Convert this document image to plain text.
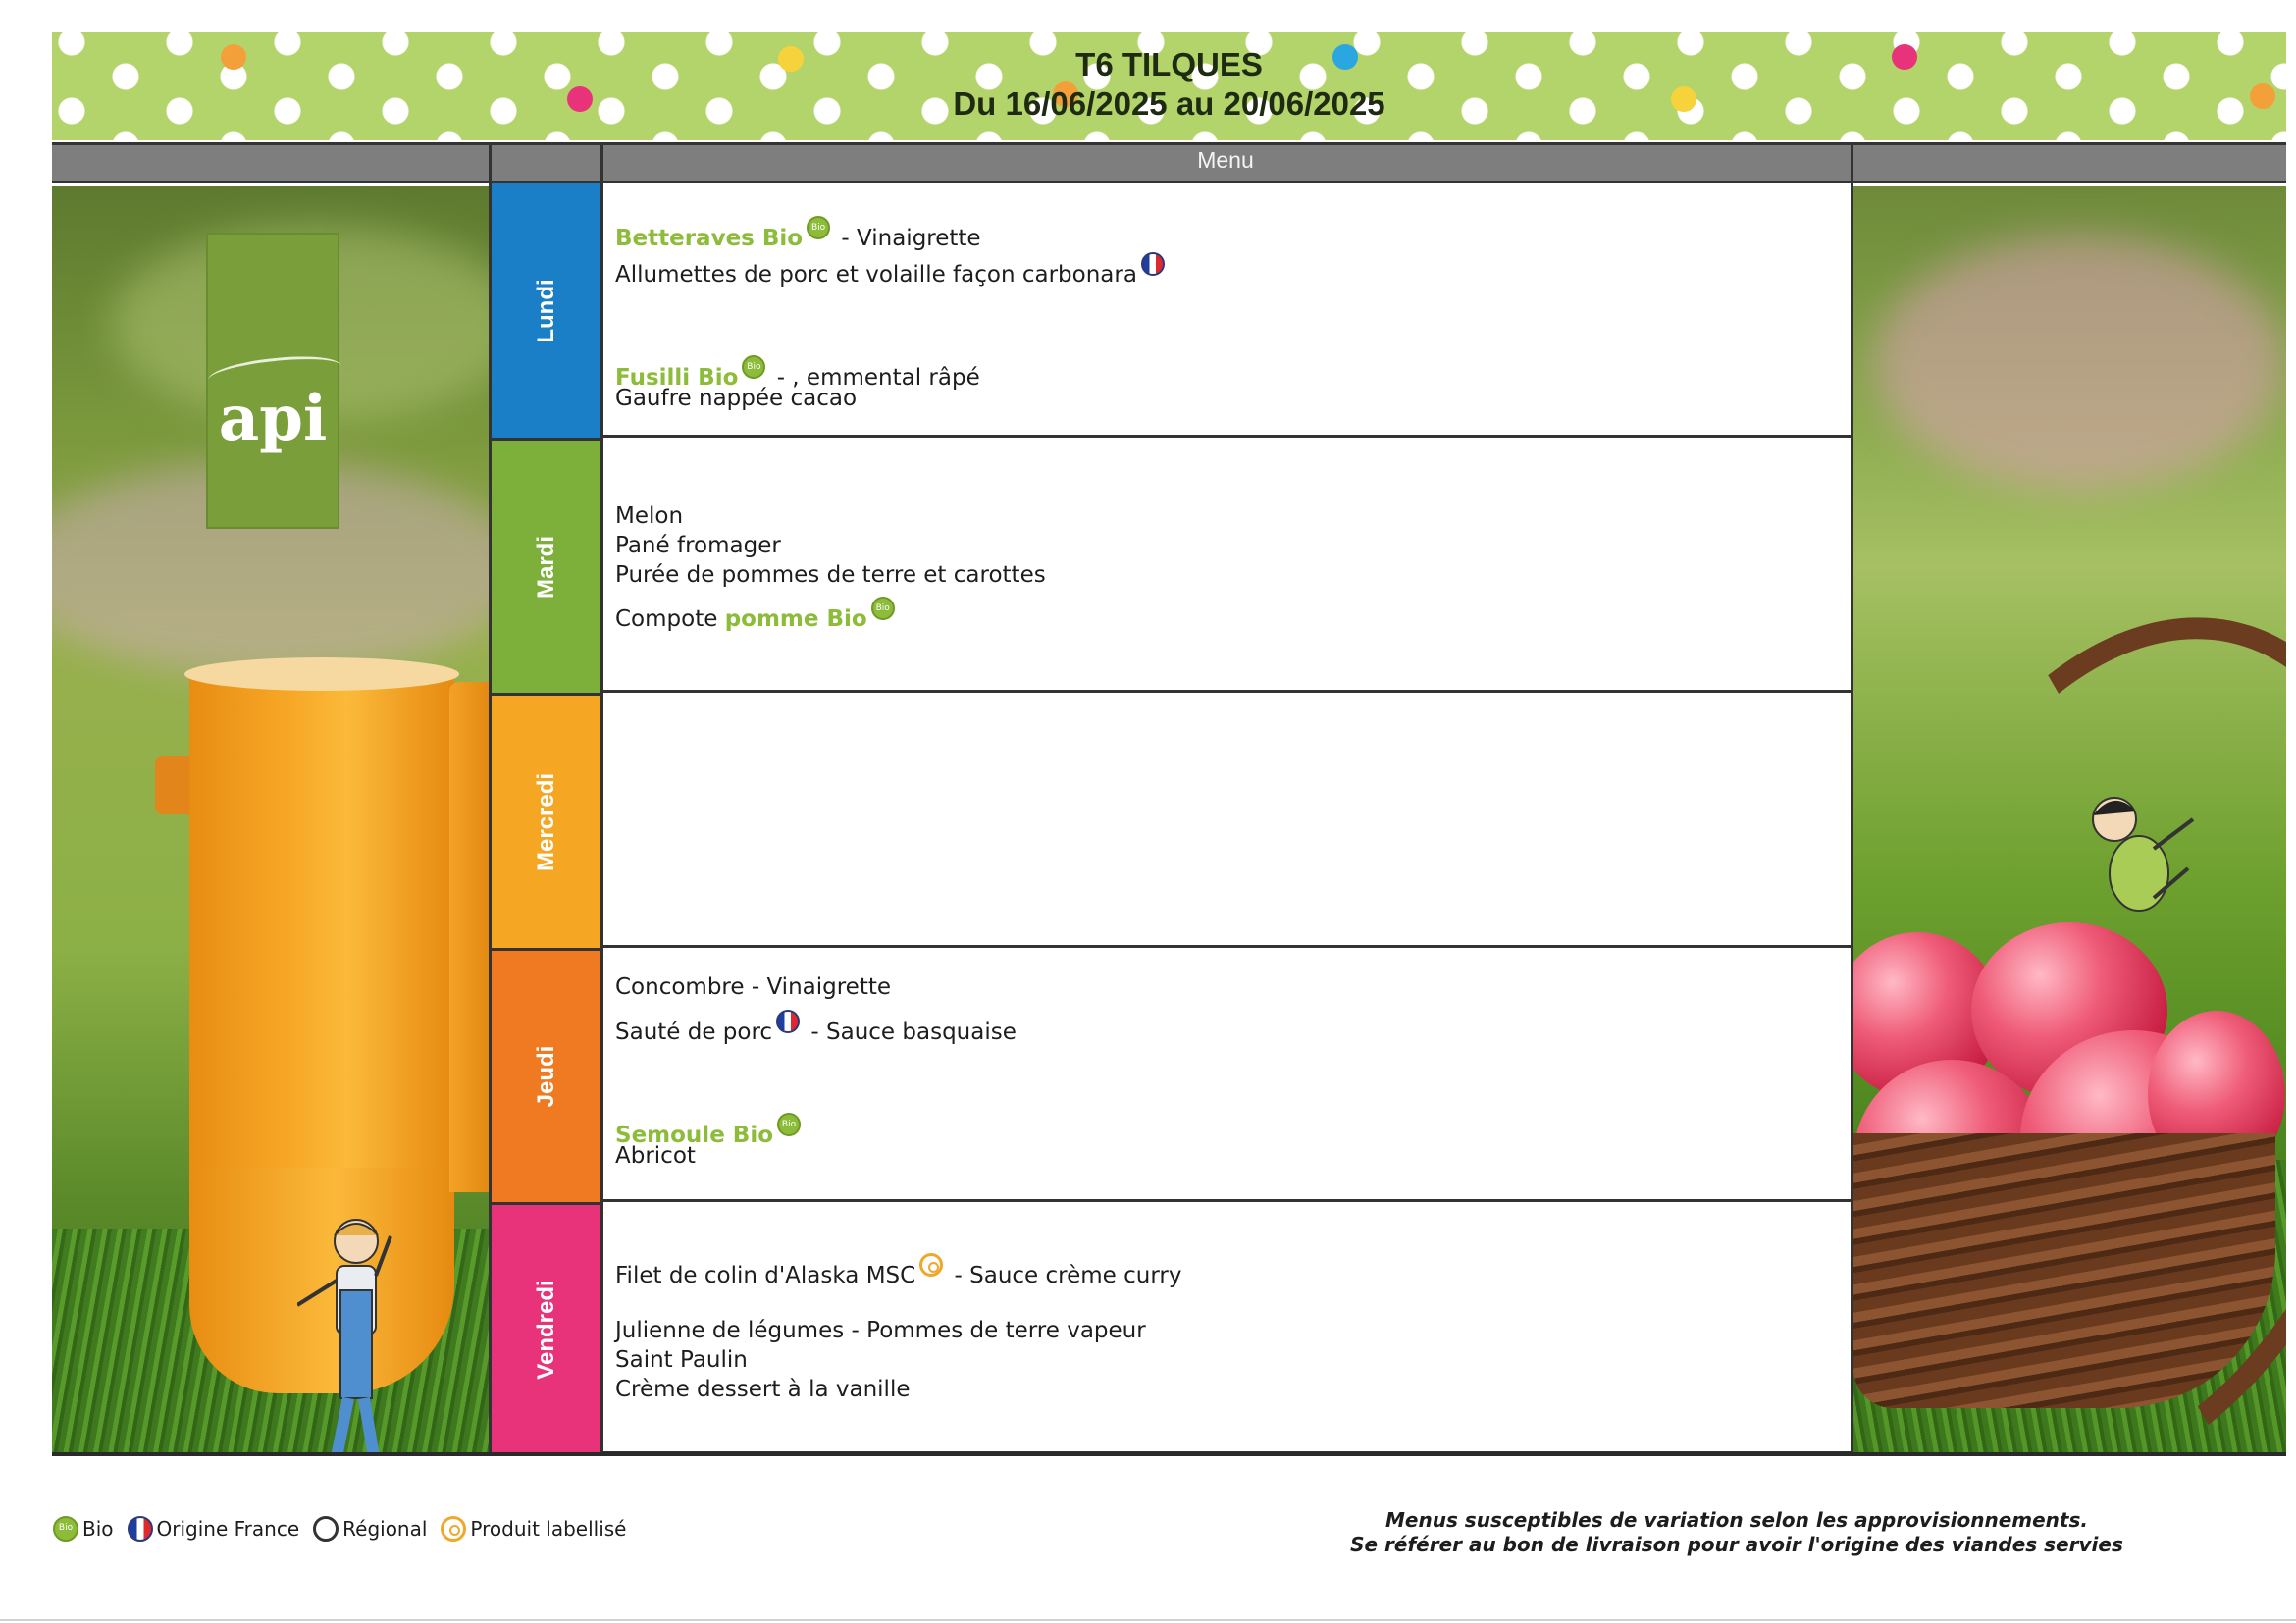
T6 TILQUES
Du 16/06/2025 au 20/06/2025
Menu
api
Lundi
Mardi
Mercredi
Jeudi
Vendredi
Betteraves BioBio - Vinaigrette
Allumettes de porc et volaille façon carbonara
Fusilli BioBio - , emmental râpé
Gaufre nappée cacao
Melon
Pané fromager
Purée de pommes de terre et carottes
Compote pomme BioBio
Concombre - Vinaigrette
Sauté de porc - Sauce basquaise
Semoule BioBio
Abricot
Filet de colin d'Alaska MSC - Sauce crème curry
Julienne de légumes - Pommes de terre vapeur
Saint Paulin
Crème dessert à la vanille
Bio
Bio Origine France Régional Produit labellisé	Menus susceptibles de variation selon les approvisionnements.
Se référer au bon de livraison pour avoir l'origine des viandes servies
